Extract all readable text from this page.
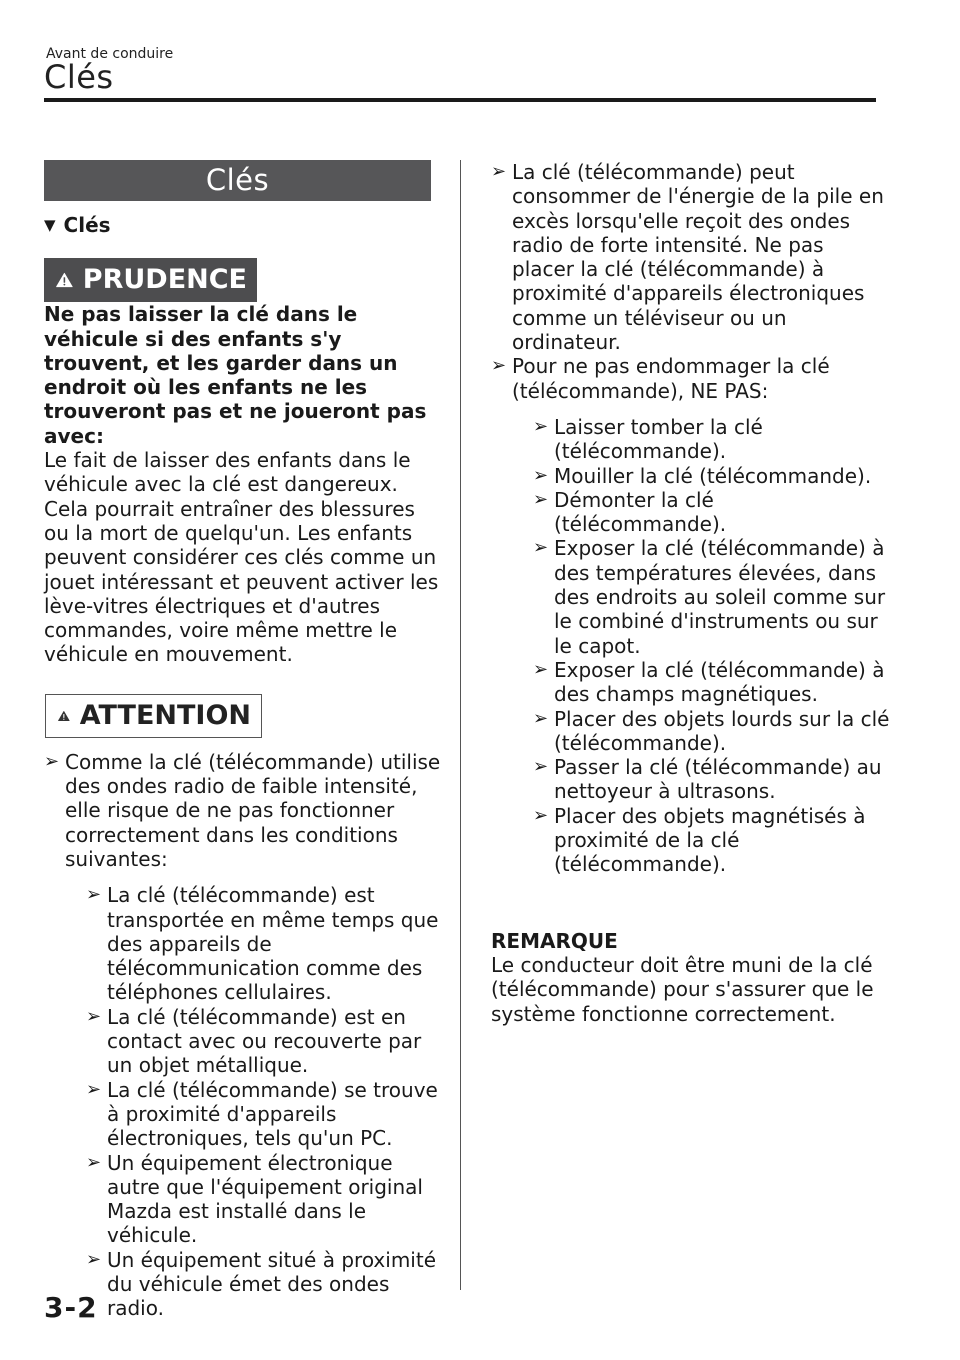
Avant de conduire
Clés
Clés
▼ Clés
PRUDENCE

Ne pas laisser la clé dans le véhicule si des enfants s'y trouvent, et les garder dans un endroit où les enfants ne les trouveront pas et ne joueront pas avec:

Le fait de laisser des enfants dans le véhicule avec la clé est dangereux. Cela pourrait entraîner des blessures ou la mort de quelqu'un. Les enfants peuvent considérer ces clés comme un jouet intéressant et peuvent activer les lève-vitres électriques et d'autres commandes, voire même mettre le véhicule en mouvement.

ATTENTION
➢ Comme la clé (télécommande) utilise des ondes radio de faible intensité, elle risque de ne pas fonctionner correctement dans les conditions suivantes:
➢ La clé (télécommande) est transportée en même temps que des appareils de télécommunication comme des téléphones cellulaires.
➢ La clé (télécommande) est en contact avec ou recouverte par un objet métallique.
➢ La clé (télécommande) se trouve à proximité d'appareils électroniques, tels qu'un PC.
➢ Un équipement électronique autre que l'équipement original Mazda est installé dans le véhicule.
➢ Un équipement situé à proximité du véhicule émet des ondes radio.
➢ La clé (télécommande) peut consommer de l'énergie de la pile en excès lorsqu'elle reçoit des ondes radio de forte intensité. Ne pas placer la clé (télécommande) à proximité d'appareils électroniques comme un téléviseur ou un ordinateur.
➢ Pour ne pas endommager la clé (télécommande), NE PAS:
➢ Laisser tomber la clé (télécommande).
➢ Mouiller la clé (télécommande).
➢ Démonter la clé (télécommande).
➢ Exposer la clé (télécommande) à des températures élevées, dans des endroits au soleil comme sur le combiné d'instruments ou sur le capot.
➢ Exposer la clé (télécommande) à des champs magnétiques.
➢ Placer des objets lourds sur la clé (télécommande).
➢ Passer la clé (télécommande) au nettoyeur à ultrasons.
➢ Placer des objets magnétisés à proximité de la clé (télécommande).
REMARQUE

Le conducteur doit être muni de la clé (télécommande) pour s'assurer que le système fonctionne correctement.

3-2
